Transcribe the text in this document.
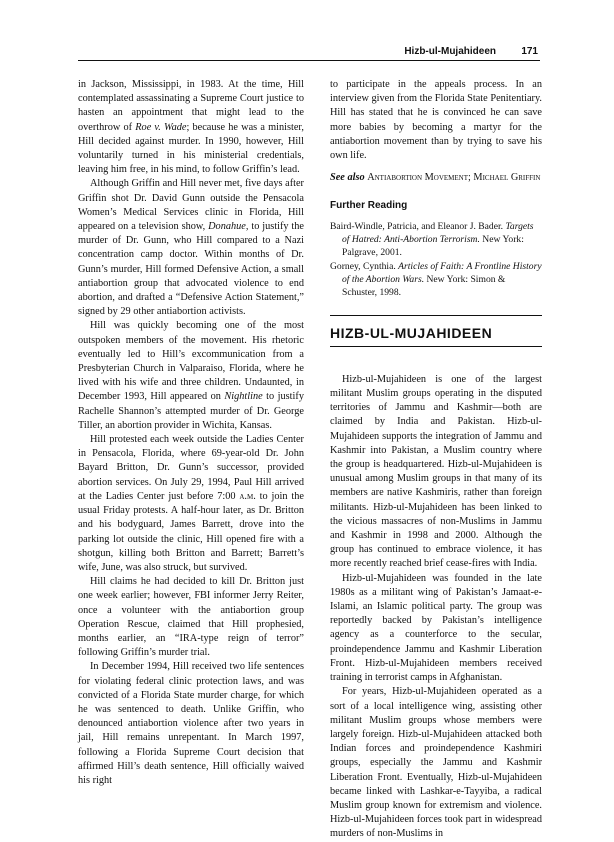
Hizb-ul-Mujahideen	171

in Jackson, Mississippi, in 1983. At the time, Hill contemplated assassinating a Supreme Court justice to hasten an appointment that might lead to the overthrow of Roe v. Wade; because he was a minister, Hill decided against murder. In 1990, however, Hill voluntarily turned in his ministerial credentials, leaving him free, in his mind, to follow Griffin’s lead.

Although Griffin and Hill never met, five days after Griffin shot Dr. David Gunn outside the Pensacola Women’s Medical Services clinic in Florida, Hill appeared on a television show, Donahue, to justify the murder of Dr. Gunn, who Hill compared to a Nazi concentration camp doctor. Within months of Dr. Gunn’s murder, Hill formed Defensive Action, a small antiabortion group that advocated violence to end abortion, and drafted a “Defensive Action Statement,” signed by 29 other antiabortion activists.

Hill was quickly becoming one of the most outspoken members of the movement. His rhetoric eventually led to Hill’s excommunication from a Presbyterian Church in Valparaiso, Florida, where he lived with his wife and three children. Undaunted, in December 1993, Hill appeared on Nightline to justify Rachelle Shannon’s attempted murder of Dr. George Tiller, an abortion provider in Wichita, Kansas.

Hill protested each week outside the Ladies Center in Pensacola, Florida, where 69-year-old Dr. John Bayard Britton, Dr. Gunn’s successor, provided abortion services. On July 29, 1994, Paul Hill arrived at the Ladies Center just before 7:00 a.m. to join the usual Friday protests. A half-hour later, as Dr. Britton and his bodyguard, James Barrett, drove into the parking lot outside the clinic, Hill opened fire with a shotgun, killing both Britton and Barrett; Barrett’s wife, June, was also struck, but survived.

Hill claims he had decided to kill Dr. Britton just one week earlier; however, FBI informer Jerry Reiter, once a volunteer with the antiabortion group Operation Rescue, claimed that Hill prophesied, months earlier, an “IRA-type reign of terror” following Griffin’s murder trial.

In December 1994, Hill received two life sentences for violating federal clinic protection laws, and was convicted of a Florida State murder charge, for which he was sentenced to death. Unlike Griffin, who denounced antiabortion violence after two years in jail, Hill remains unrepentant. In March 1997, following a Florida Supreme Court decision that affirmed Hill’s death sentence, Hill officially waived his right

to participate in the appeals process. In an interview given from the Florida State Penitentiary. Hill has stated that he is convinced he can save more babies by becoming a martyr for the antiabortion movement than by trying to save his own life.

See also Antiabortion Movement; Michael Griffin

Further Reading
Baird-Windle, Patricia, and Eleanor J. Bader. Targets of Hatred: Anti-Abortion Terrorism. New York: Palgrave, 2001.
Gorney, Cynthia. Articles of Faith: A Frontline History of the Abortion Wars. New York: Simon & Schuster, 1998.
HIZB-UL-MUJAHIDEEN

Hizb-ul-Mujahideen is one of the largest militant Muslim groups operating in the disputed territories of Jammu and Kashmir—both are claimed by India and Pakistan. Hizb-ul-Mujahideen supports the integration of Jammu and Kashmir into Pakistan, a Muslim country where the group is headquartered. Hizb-ul-Mujahideen is unusual among Muslim groups in that many of its members are native Kashmiris, rather than foreign militants. Hizb-ul-Mujahideen has been linked to the vicious massacres of non-Muslims in Jammu and Kashmir in 1998 and 2000. Although the group has continued to embrace violence, it has more recently reached brief cease-fires with India.

Hizb-ul-Mujahideen was founded in the late 1980s as a militant wing of Pakistan’s Jamaat-e-Islami, an Islamic political party. The group was reportedly backed by Pakistan’s intelligence agency as a counterforce to the secular, proindependence Jammu and Kashmir Liberation Front. Hizb-ul-Mujahideen members received training in terrorist camps in Afghanistan.

For years, Hizb-ul-Mujahideen operated as a sort of a local intelligence wing, assisting other militant Muslim groups whose members were largely foreign. Hizb-ul-Mujahideen attacked both Indian forces and proindependence Kashmiri groups, especially the Jammu and Kashmir Liberation Front. Eventually, Hizb-ul-Mujahideen became linked with Lashkar-e-Tayyiba, a radical Muslim group known for extremism and violence. Hizb-ul-Mujahideen forces took part in widespread murders of non-Muslims in
